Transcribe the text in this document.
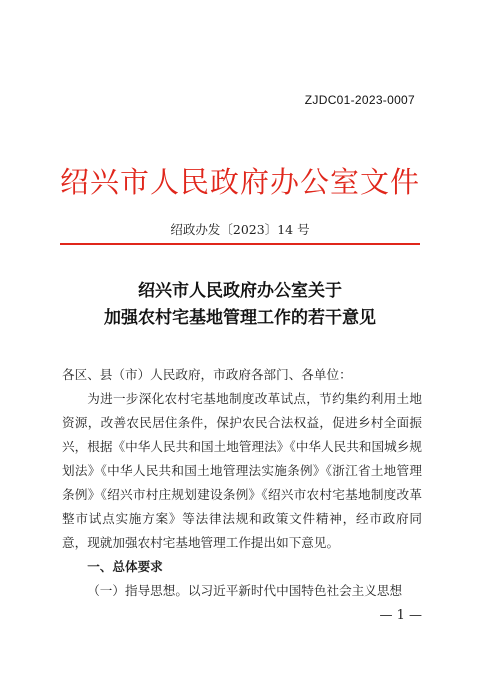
ZJDC01-2023-0007
绍兴市人民政府办公室文件
绍政办发〔2023〕14 号
绍兴市人民政府办公室关于
加强农村宅基地管理工作的若干意见

各区、县（市）人民政府，市政府各部门、各单位：

为进一步深化农村宅基地制度改革试点，节约集约利用土地资源，改善农民居住条件，保护农民合法权益，促进乡村全面振兴，根据《中华人民共和国土地管理法》《中华人民共和国城乡规划法》《中华人民共和国土地管理法实施条例》《浙江省土地管理条例》《绍兴市村庄规划建设条例》《绍兴市农村宅基地制度改革整市试点实施方案》等法律法规和政策文件精神，经市政府同意，现就加强农村宅基地管理工作提出如下意见。

一、总体要求

（一）指导思想。以习近平新时代中国特色社会主义思想

— 1 —
